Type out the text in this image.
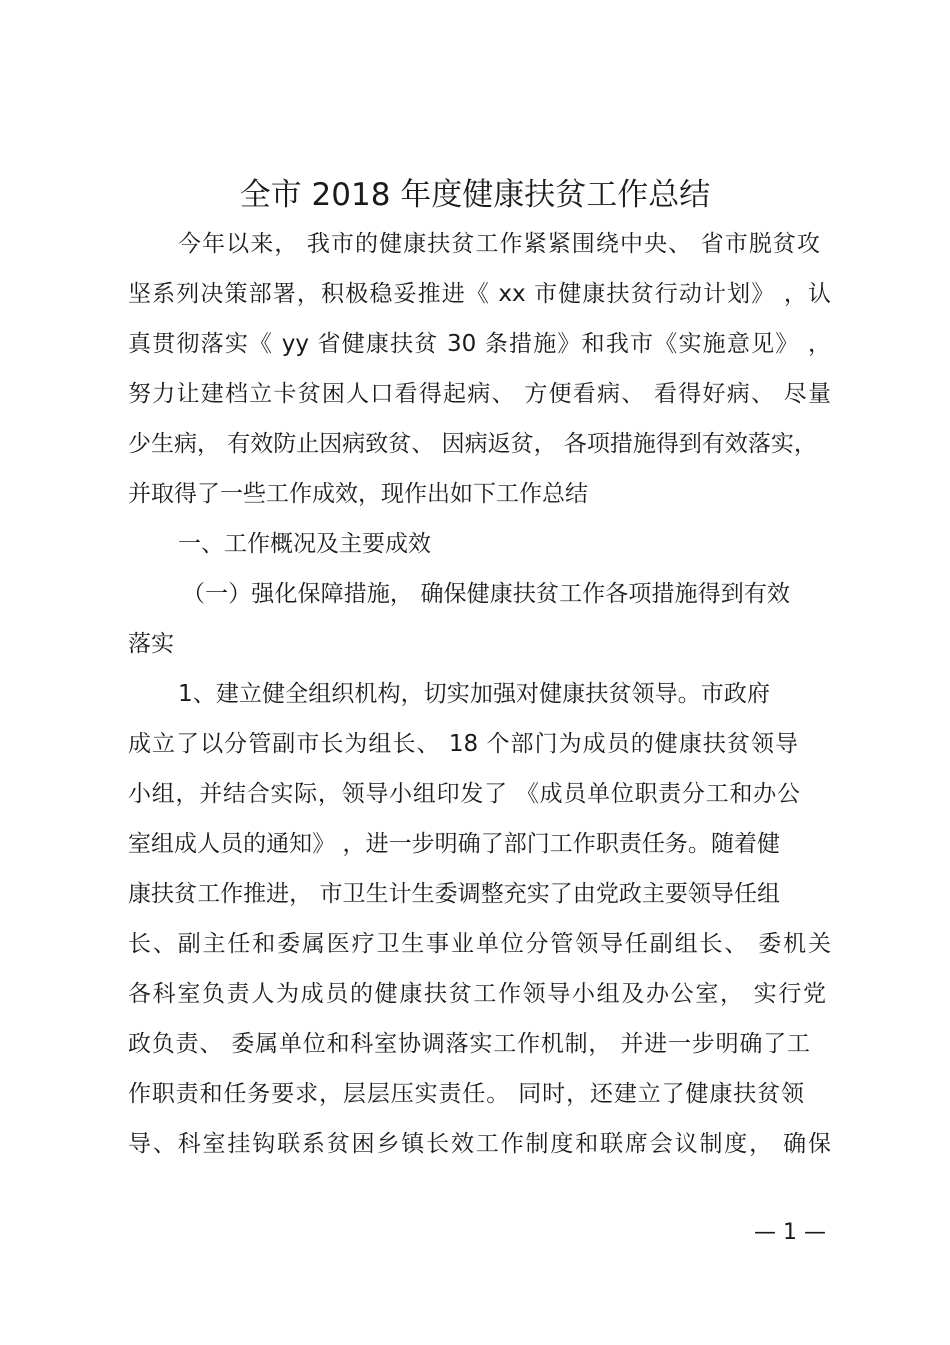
全市 2018 年度健康扶贫工作总结
今年以来， 我市的健康扶贫工作紧紧围绕中央、 省市脱贫攻
坚系列决策部署，积极稳妥推进《 xx 市健康扶贫行动计划》 ，认
真贯彻落实《 yy 省健康扶贫 30 条措施》和我市《实施意见》 ，
努力让建档立卡贫困人口看得起病、 方便看病、 看得好病、 尽量
少生病， 有效防止因病致贫、 因病返贫， 各项措施得到有效落实，
并取得了一些工作成效，现作出如下工作总结
一、工作概况及主要成效
（一）强化保障措施， 确保健康扶贫工作各项措施得到有效
落实
1、建立健全组织机构，切实加强对健康扶贫领导。市政府
成立了以分管副市长为组长、 18 个部门为成员的健康扶贫领导
小组，并结合实际，领导小组印发了 《成员单位职责分工和办公
室组成人员的通知》 ，进一步明确了部门工作职责任务。随着健
康扶贫工作推进， 市卫生计生委调整充实了由党政主要领导任组
长、副主任和委属医疗卫生事业单位分管领导任副组长、 委机关
各科室负责人为成员的健康扶贫工作领导小组及办公室， 实行党
政负责、 委属单位和科室协调落实工作机制， 并进一步明确了工
作职责和任务要求，层层压实责任。 同时，还建立了健康扶贫领
导、科室挂钩联系贫困乡镇长效工作制度和联席会议制度， 确保
— 1 —
